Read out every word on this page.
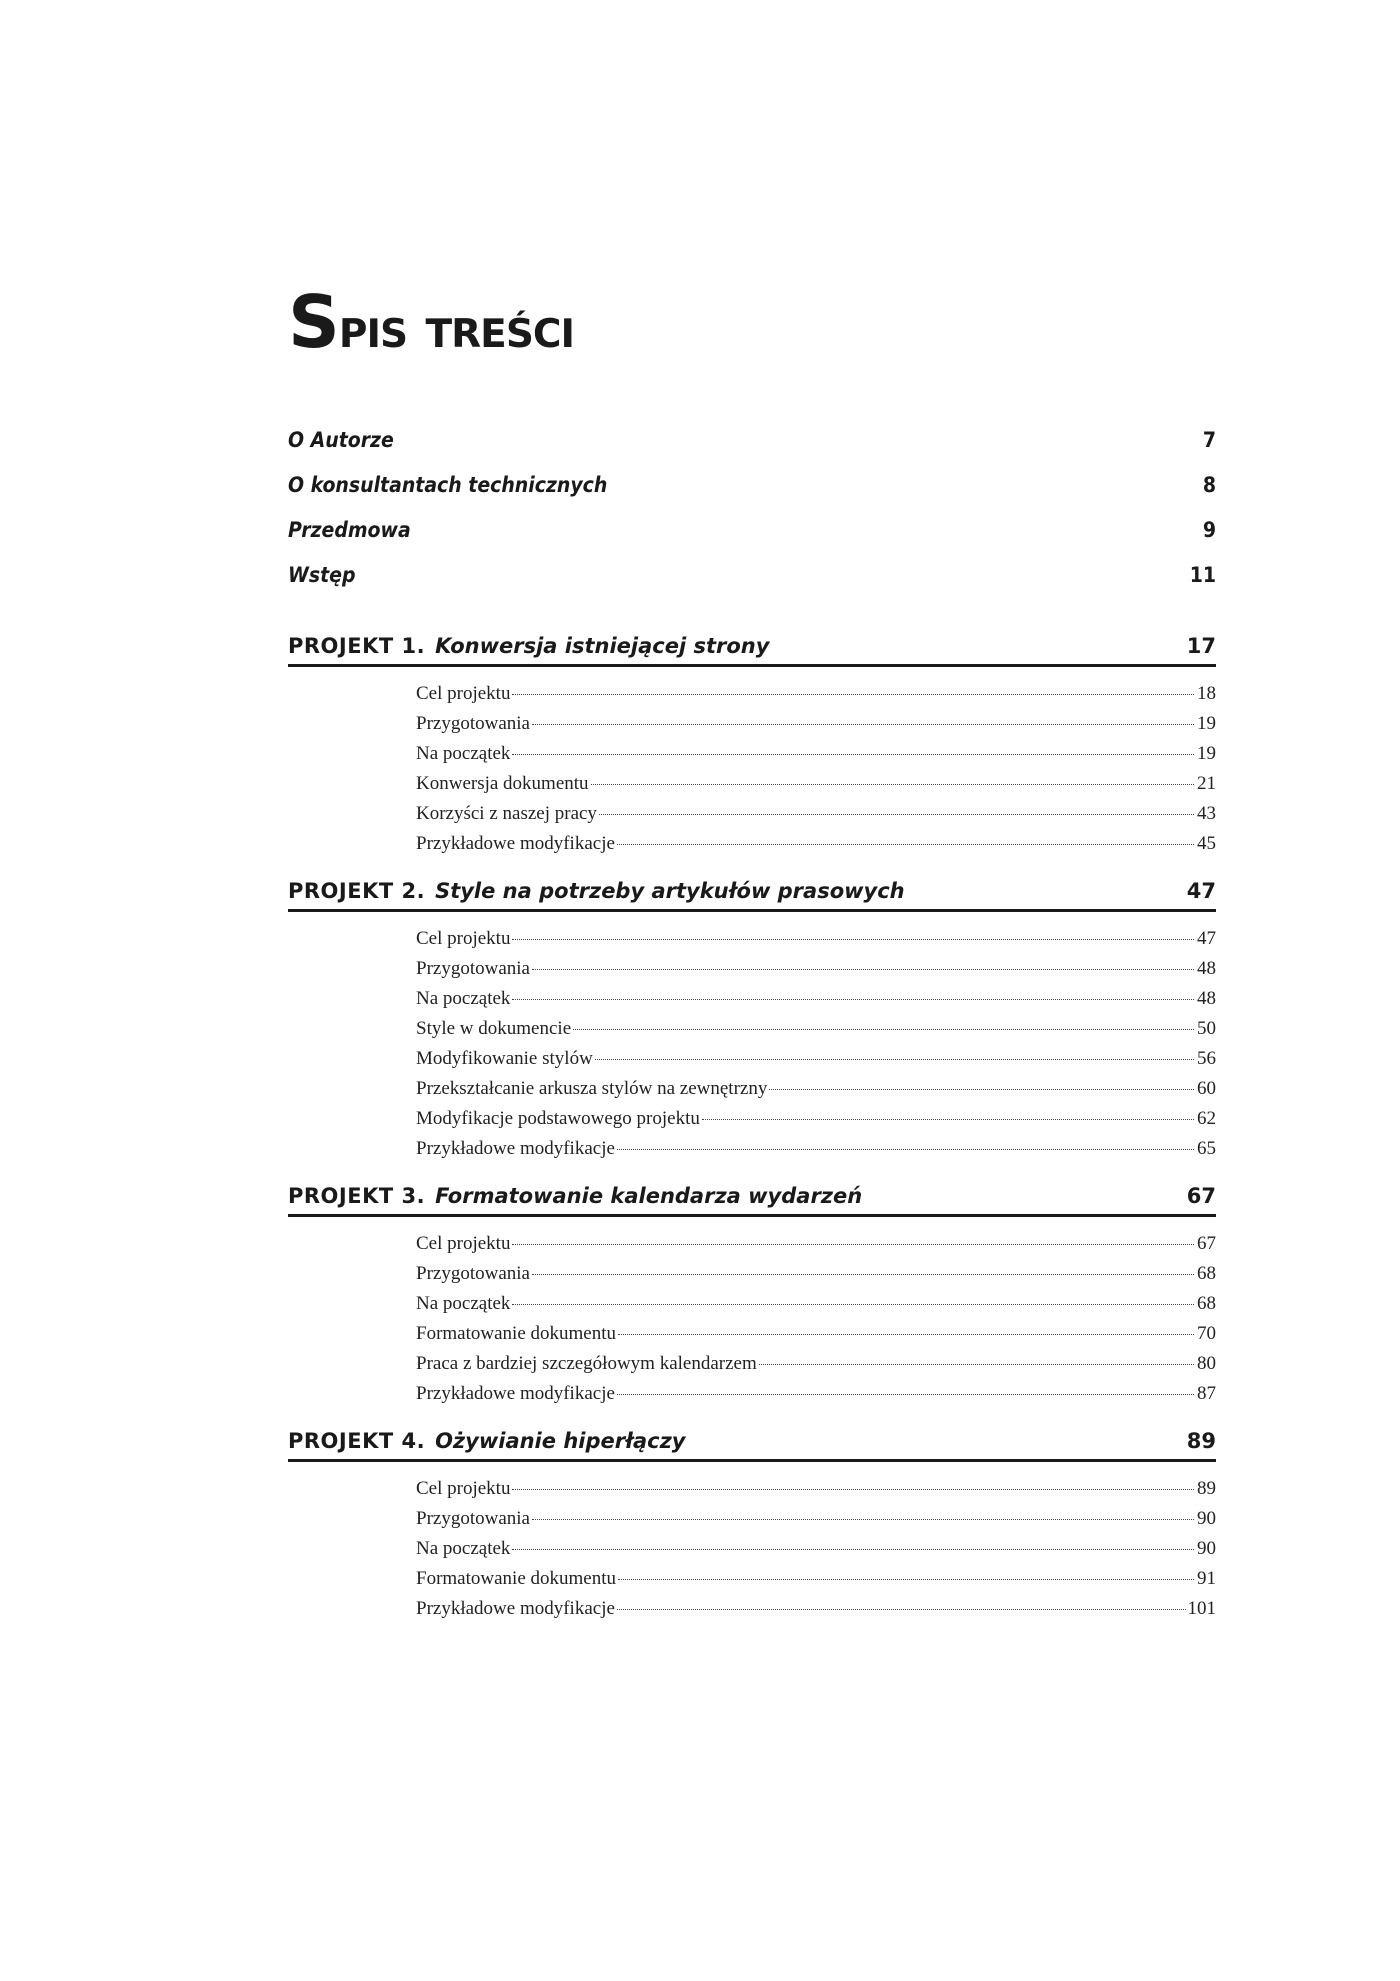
Spis treści
O Autorze	7
O konsultantach technicznych	8
Przedmowa	9
Wstęp	11
PROJEKT 1. Konwersja istniejącej strony	17
Cel projektu	18
Przygotowania	19
Na początek	19
Konwersja dokumentu	21
Korzyści z naszej pracy	43
Przykładowe modyfikacje	45
PROJEKT 2. Style na potrzeby artykułów prasowych	47
Cel projektu	47
Przygotowania	48
Na początek	48
Style w dokumencie	50
Modyfikowanie stylów	56
Przekształcanie arkusza stylów na zewnętrzny	60
Modyfikacje podstawowego projektu	62
Przykładowe modyfikacje	65
PROJEKT 3. Formatowanie kalendarza wydarzeń	67
Cel projektu	67
Przygotowania	68
Na początek	68
Formatowanie dokumentu	70
Praca z bardziej szczegółowym kalendarzem	80
Przykładowe modyfikacje	87
PROJEKT 4. Ożywianie hiperłączy	89
Cel projektu	89
Przygotowania	90
Na początek	90
Formatowanie dokumentu	91
Przykładowe modyfikacje	101
